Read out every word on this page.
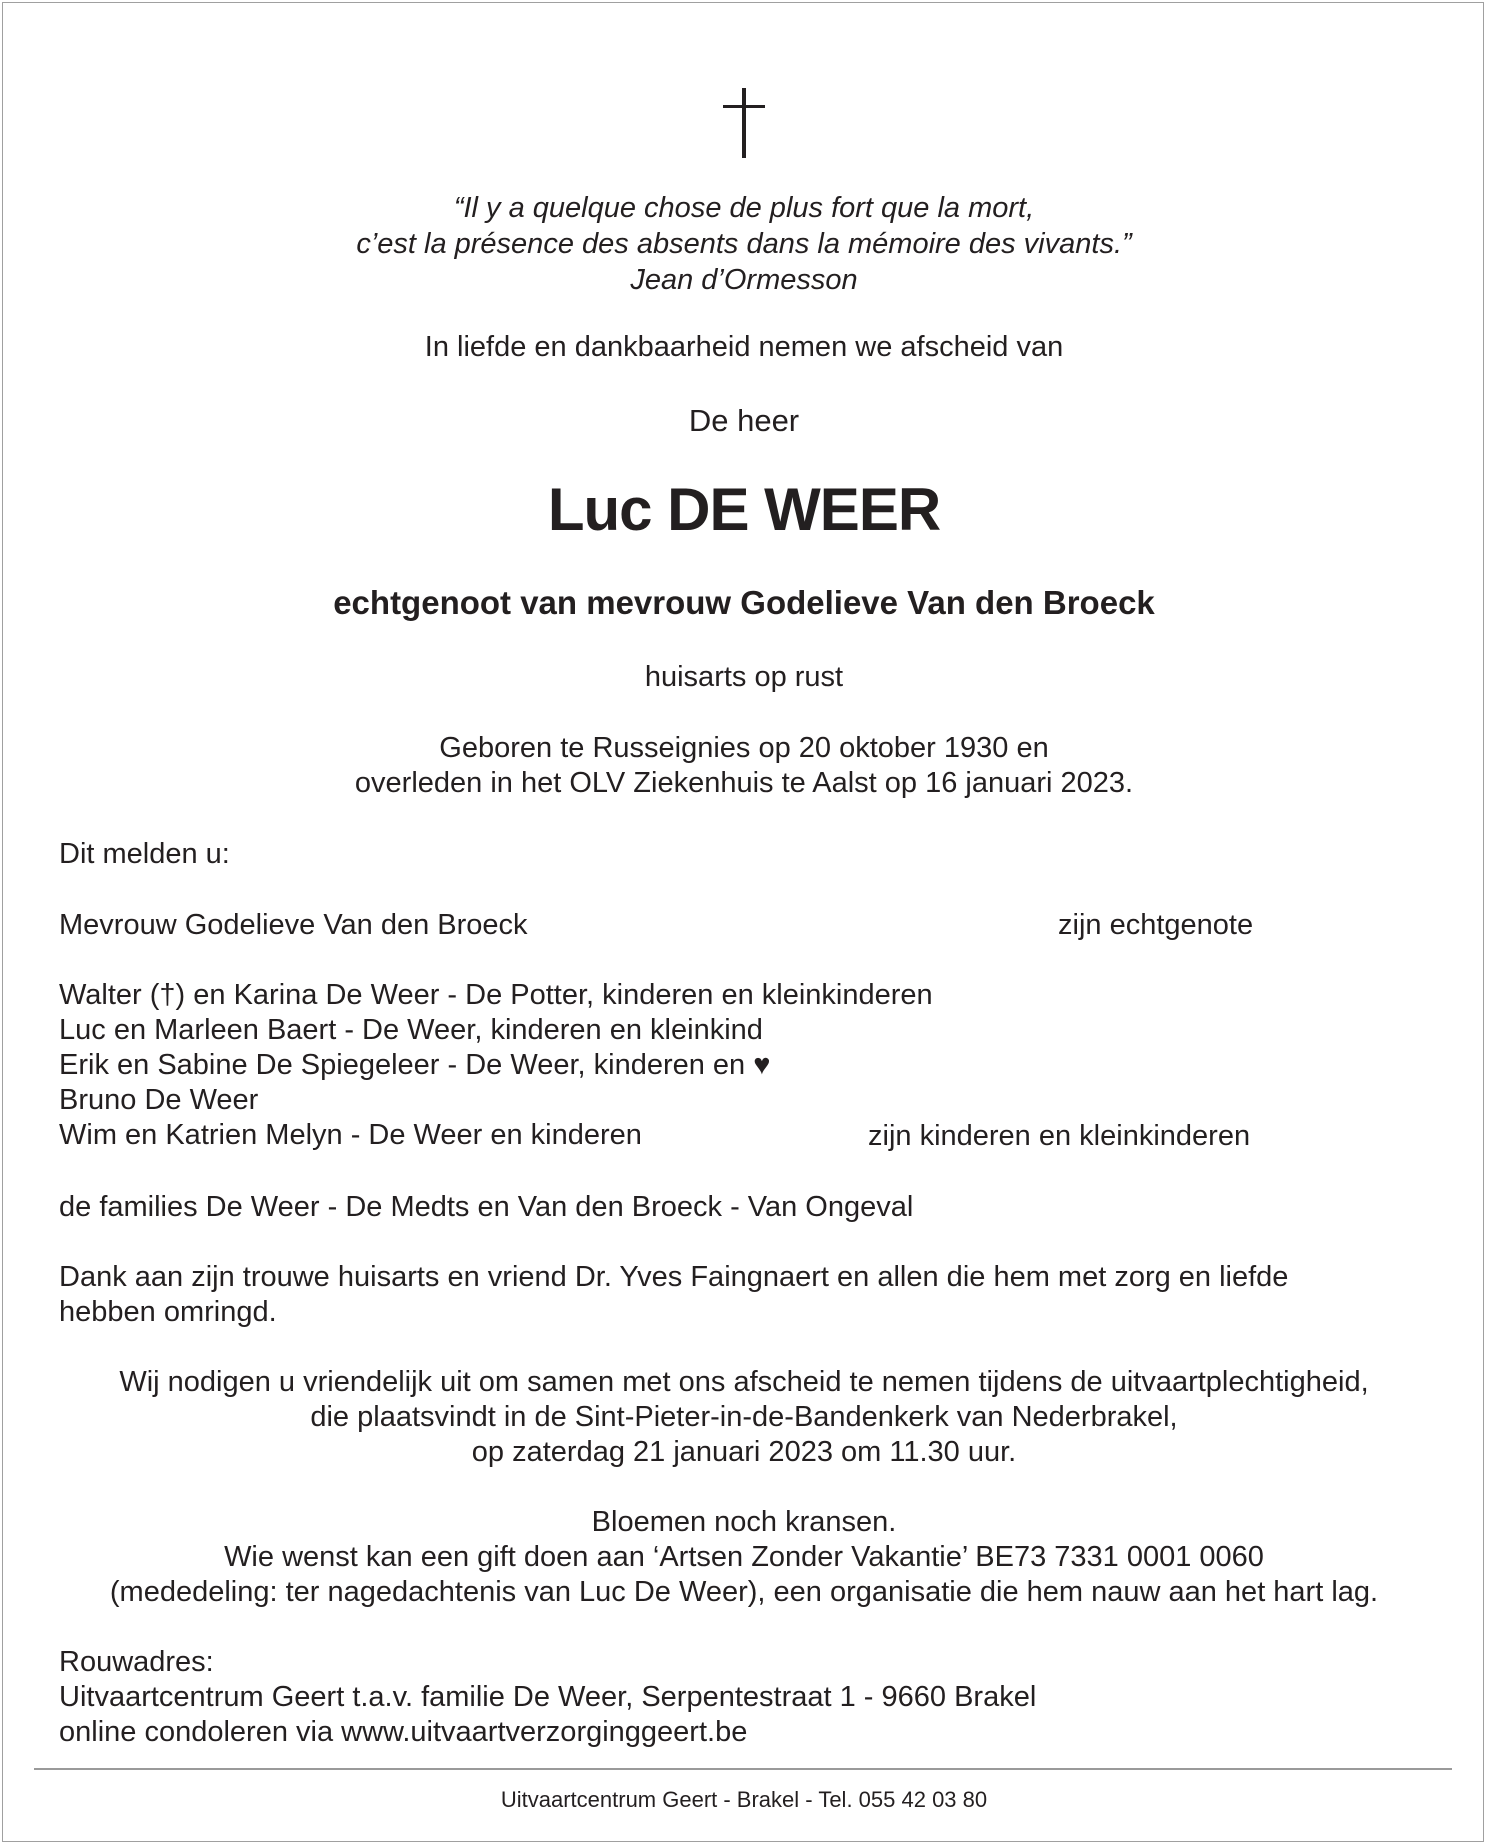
“Il y a quelque chose de plus fort que la mort,
c’est la présence des absents dans la mémoire des vivants.”
Jean d’Ormesson
In liefde en dankbaarheid nemen we afscheid van
De heer
Luc DE WEER
echtgenoot van mevrouw Godelieve Van den Broeck
huisarts op rust
Geboren te Russeignies op 20 oktober 1930 en
overleden in het OLV Ziekenhuis te Aalst op 16 januari 2023.
Dit melden u:
Mevrouw Godelieve Van den Broeck	zijn echtgenote
Walter (†) en Karina De Weer - De Potter, kinderen en kleinkinderen
Luc en Marleen Baert - De Weer, kinderen en kleinkind
Erik en Sabine De Spiegeleer - De Weer, kinderen en ♥
Bruno De Weer
Wim en Katrien Melyn - De Weer en kinderen	zijn kinderen en kleinkinderen
de families De Weer - De Medts en Van den Broeck - Van Ongeval
Dank aan zijn trouwe huisarts en vriend Dr. Yves Faingnaert en allen die hem met zorg en liefde
hebben omringd.
Wij nodigen u vriendelijk uit om samen met ons afscheid te nemen tijdens de uitvaartplechtigheid,
die plaatsvindt in de Sint-Pieter-in-de-Bandenkerk van Nederbrakel,
op zaterdag 21 januari 2023 om 11.30 uur.
Bloemen noch kransen.
Wie wenst kan een gift doen aan ‘Artsen Zonder Vakantie’ BE73 7331 0001 0060
(mededeling: ter nagedachtenis van Luc De Weer), een organisatie die hem nauw aan het hart lag.
Rouwadres:
Uitvaartcentrum Geert t.a.v. familie De Weer, Serpentestraat 1 - 9660 Brakel
online condoleren via www.uitvaartverzorginggeert.be
Uitvaartcentrum Geert - Brakel - Tel. 055 42 03 80
